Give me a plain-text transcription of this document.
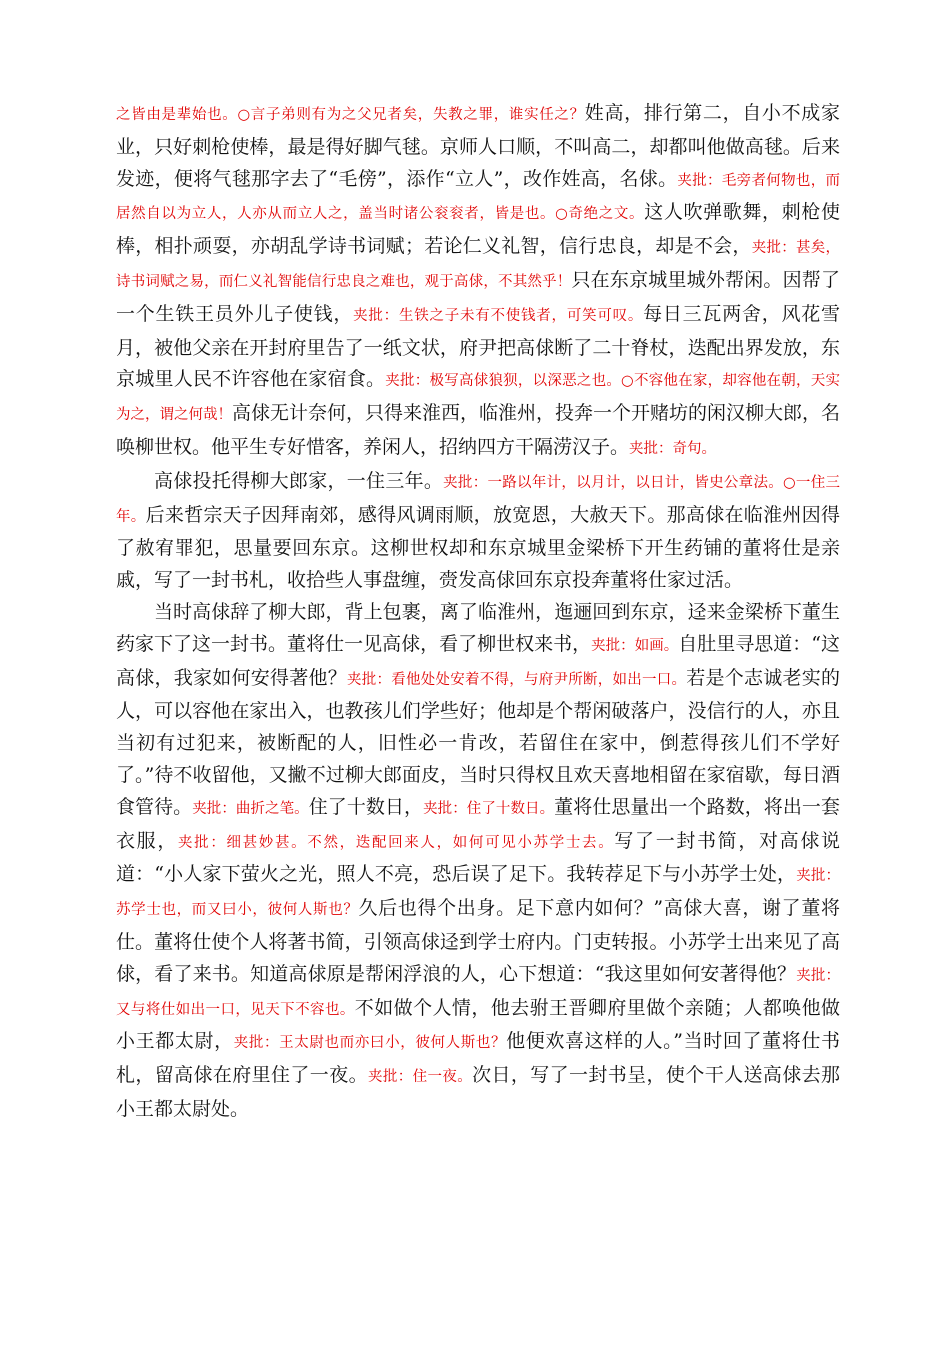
之皆由是辈始也。○言子弟则有为之父兄者矣，失教之罪，谁实任之？姓高，排行第二，自小不成家业，只好刺枪使棒，最是得好脚气毬。京师人口顺，不叫高二，却都叫他做高毬。后来发迹，便将气毬那字去了“毛傍”，添作“立人”，改作姓高，名俅。夹批：毛旁者何物也，而居然自以为立人，人亦从而立人之，盖当时诸公衮衮者，皆是也。○奇绝之文。这人吹弹歌舞，刺枪使棒，相扑顽耍，亦胡乱学诗书词赋；若论仁义礼智，信行忠良，却是不会，夹批：甚矣，诗书词赋之易，而仁义礼智能信行忠良之难也，观于高俅，不其然乎！只在东京城里城外帮闲。因帮了一个生铁王员外儿子使钱，夹批：生铁之子未有不使钱者，可笑可叹。每日三瓦两舍，风花雪月，被他父亲在开封府里告了一纸文状，府尹把高俅断了二十脊杖，迭配出界发放，东京城里人民不许容他在家宿食。夹批：极写高俅狼狈，以深恶之也。○不容他在家，却容他在朝，天实为之，谓之何哉！高俅无计奈何，只得来淮西，临淮州，投奔一个开赌坊的闲汉柳大郎，名唤柳世权。他平生专好惜客，养闲人，招纳四方干隔涝汉子。夹批：奇句。

高俅投托得柳大郎家，一住三年。夹批：一路以年计，以月计，以日计，皆史公章法。○一住三年。后来哲宗天子因拜南郊，感得风调雨顺，放宽恩，大赦天下。那高俅在临淮州因得了赦宥罪犯，思量要回东京。这柳世权却和东京城里金梁桥下开生药铺的董将仕是亲戚，写了一封书札，收拾些人事盘缠，赍发高俅回东京投奔董将仕家过活。

当时高俅辞了柳大郎，背上包裹，离了临淮州，迤逦回到东京，迳来金梁桥下董生药家下了这一封书。董将仕一见高俅，看了柳世权来书，夹批：如画。自肚里寻思道：“这高俅，我家如何安得著他？夹批：看他处处安着不得，与府尹所断，如出一口。若是个志诚老实的人，可以容他在家出入，也教孩儿们学些好；他却是个帮闲破落户，没信行的人，亦且当初有过犯来，被断配的人，旧性必一肯改，若留住在家中，倒惹得孩儿们不学好了。”待不收留他，又撇不过柳大郎面皮，当时只得权且欢天喜地相留在家宿歇，每日酒食管待。夹批：曲折之笔。住了十数日，夹批：住了十数日。董将仕思量出一个路数，将出一套衣服，夹批：细甚妙甚。不然，迭配回来人，如何可见小苏学士去。写了一封书简，对高俅说道：“小人家下萤火之光，照人不亮，恐后误了足下。我转荐足下与小苏学士处，夹批：苏学士也，而又曰小，彼何人斯也？久后也得个出身。足下意内如何？”高俅大喜，谢了董将仕。董将仕使个人将著书简，引领高俅迳到学士府内。门吏转报。小苏学士出来见了高俅，看了来书。知道高俅原是帮闲浮浪的人，心下想道：“我这里如何安著得他？夹批：又与将仕如出一口，见天下不容也。不如做个人情，他去驸王晋卿府里做个亲随；人都唤他做小王都太尉，夹批：王太尉也而亦曰小，彼何人斯也？他便欢喜这样的人。”当时回了董将仕书札，留高俅在府里住了一夜。夹批：住一夜。次日，写了一封书呈，使个干人送高俅去那小王都太尉处。
